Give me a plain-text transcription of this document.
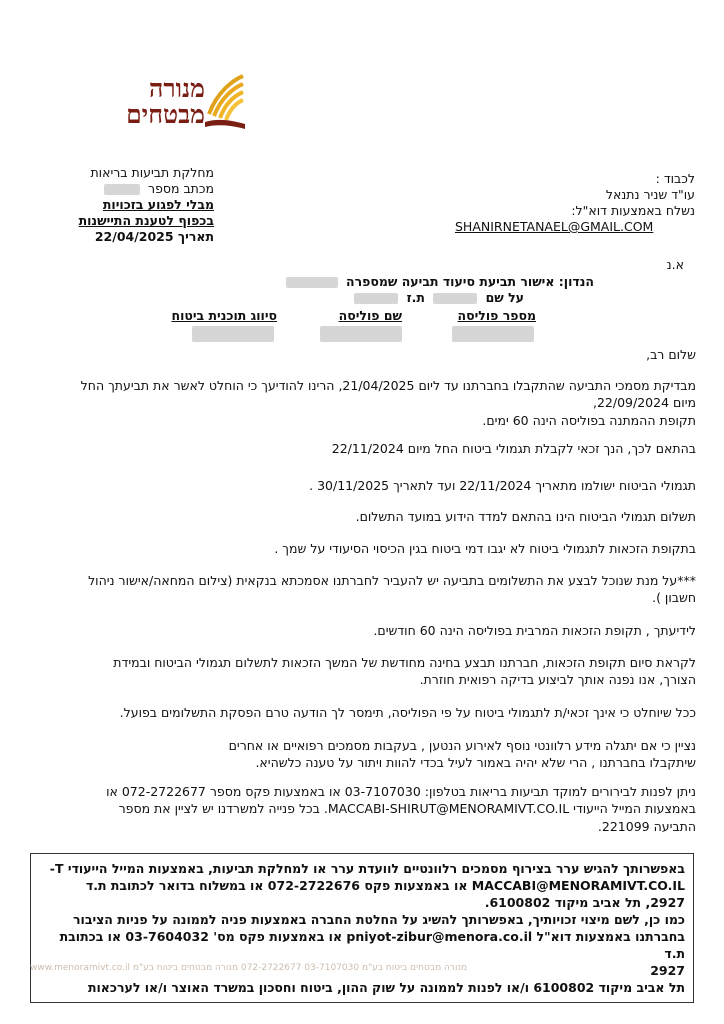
מנורה
מבטחים
מחלקת תביעות בריאות
מכתב מספר
מבלי לפגוע בזכויות
בכפוף לטענת התיישנות
תאריך 22/04/2025
לכבוד :
עו"ד שניר נתנאל
נשלח באמצעות דוא"ל:
SHANIRNETANAEL@GMAIL.COM
א.נ
הנדון: אישור תביעת סיעוד תביעה שמספרה
על שם  ת.ז
מספר פוליסה
שם פוליסה
סיווג תוכנית ביטוח
שלום רב,

מבדיקת מסמכי התביעה שהתקבלו בחברתנו עד ליום 21/04/2025, הרינו להודיעך כי הוחלט לאשר את תביעתך החל

מיום 22/09/2024,

תקופת ההמתנה בפוליסה הינה 60 ימים.

בהתאם לכך, הנך זכאי לקבלת תגמולי ביטוח החל מיום 22/11/2024
תגמולי הביטוח ישולמו מתאריך 22/11/2024 ועד לתאריך 30/11/2025 .
תשלום תגמולי הביטוח הינו בהתאם למדד הידוע במועד התשלום.
בתקופת הזכאות לתגמולי ביטוח לא יגבו דמי ביטוח בגין הכיסוי הסיעודי על שמך .

***על מנת שנוכל לבצע את התשלומים בתביעה יש להעביר לחברתנו אסמכתא בנקאית (צילום המחאה/אישור ניהול

חשבון ).

לידיעתך , תקופת הזכאות המרבית בפוליסה הינה 60 חודשים.

לקראת סיום תקופת הזכאות, חברתנו תבצע בחינה מחודשת של המשך הזכאות לתשלום תגמולי הביטוח ובמידת

הצורך, אנו נפנה אותך לביצוע בדיקה רפואית חוזרת.

ככל שיוחלט כי אינך זכאי/ת לתגמולי ביטוח על פי הפוליסה, תימסר לך הודעה טרם הפסקת התשלומים בפועל.

נציין כי אם יתגלה מידע רלוונטי נוסף לאירוע הנטען , בעקבות מסמכים רפואיים או אחרים

שיתקבלו בחברתנו , הרי שלא יהיה באמור לעיל בכדי להוות ויתור על טענה כלשהיא.

ניתן לפנות לבירורים למוקד תביעות בריאות בטלפון: 03-7107030 או באמצעות פקס מספר 072-2722677 או

באמצעות המייל הייעודי MACCABI-SHIRUT@MENORAMIVT.CO.IL. בכל פנייה למשרדנו יש לציין את מספר

התביעה 221099.

באפשרותך להגיש ערר בצירוף מסמכים רלוונטיים לוועדת ערר או למחלקת תביעות, באמצעות המייל הייעודי T-

MACCABI@MENORAMIVT.CO.IL או באמצעות פקס 072-2722676 או במשלוח בדואר לכתובת ת.ד

2927, תל אביב מיקוד 6100802.

כמו כן, לשם מיצוי זכויותיך, באפשרותך להשיג על החלטת החברה באמצעות פניה לממונה על פניות הציבור

בחברתנו באמצעות דוא"ל pniyot-zibur@menora.co.il או באמצעות פקס מס' 03-7604032 או בכתובת ת.ד

2927

תל אביב מיקוד 6100802 ו/או לפנות לממונה על שוק ההון, ביטוח וחסכון במשרד האוצר ו/או לערכאות

www.menoramivt.co.il מנורה מבטחים ביטוח בע"מ 03-7107030 072-2722677 מנורה מבטחים ביטוח בע"מ
